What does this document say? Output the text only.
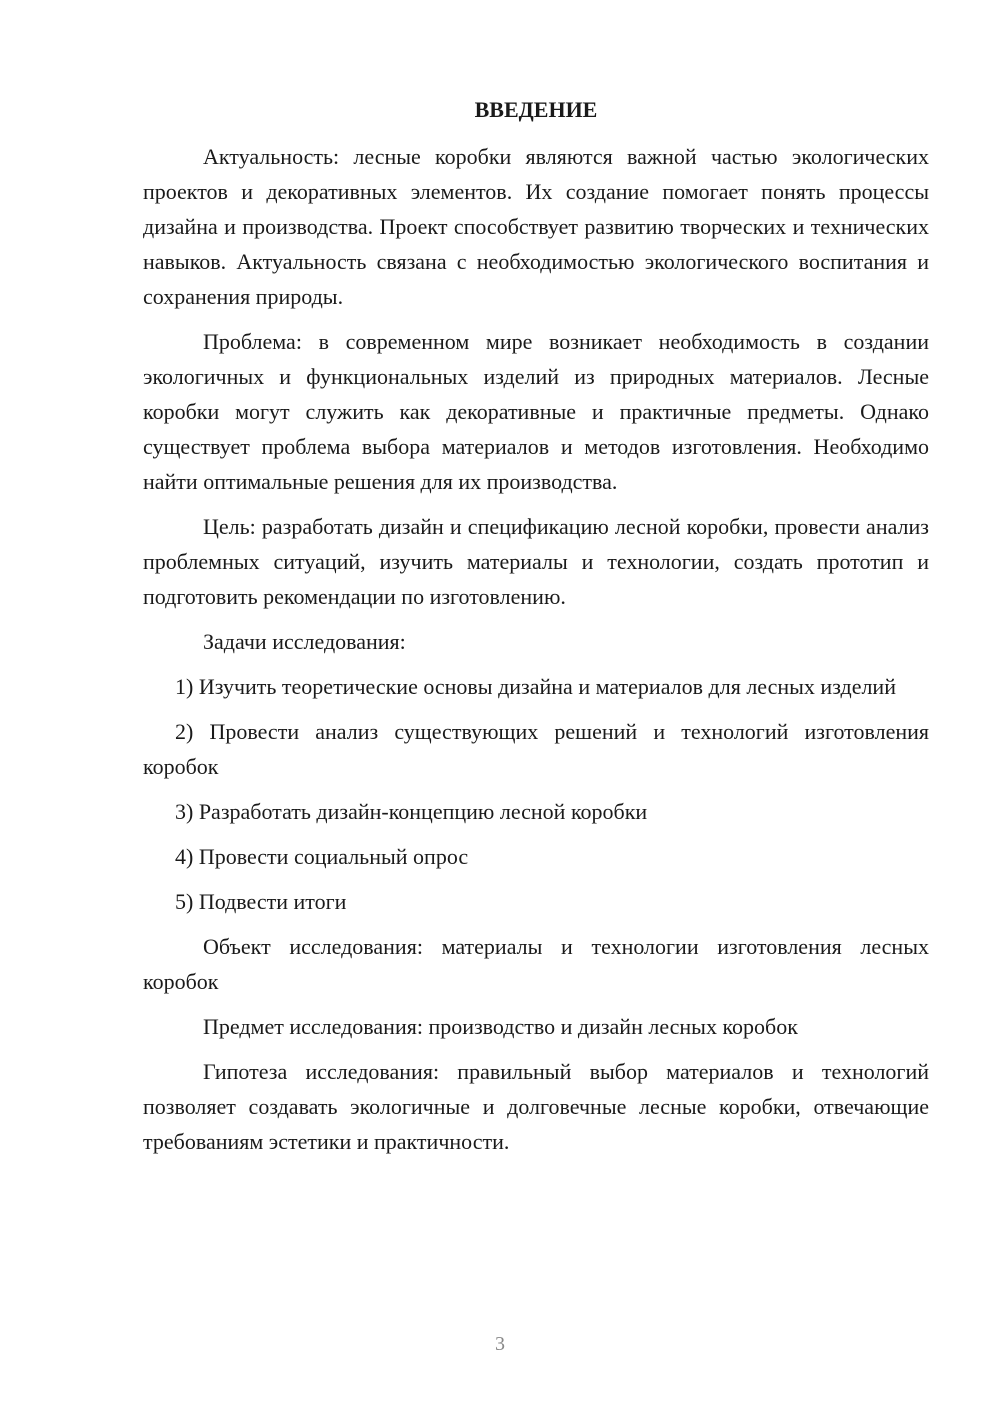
ВВЕДЕНИЕ

Актуальность: лесные коробки являются важной частью экологических проектов и декоративных элементов. Их создание помогает понять процессы дизайна и производства. Проект способствует развитию творческих и технических навыков. Актуальность связана с необходимостью экологического воспитания и сохранения природы.

Проблема: в современном мире возникает необходимость в создании экологичных и функциональных изделий из природных материалов. Лесные коробки могут служить как декоративные и практичные предметы. Однако существует проблема выбора материалов и методов изготовления. Необходимо найти оптимальные решения для их производства.

Цель: разработать дизайн и спецификацию лесной коробки, провести анализ проблемных ситуаций, изучить материалы и технологии, создать прототип и подготовить рекомендации по изготовлению.

Задачи исследования:

1) Изучить теоретические основы дизайна и материалов для лесных изделий

2) Провести анализ существующих решений и технологий изготовления коробок

3) Разработать дизайн-концепцию лесной коробки

4) Провести социальный опрос

5) Подвести итоги

Объект исследования: материалы и технологии изготовления лесных коробок

Предмет исследования: производство и дизайн лесных коробок

Гипотеза исследования: правильный выбор материалов и технологий позволяет создавать экологичные и долговечные лесные коробки, отвечающие требованиям эстетики и практичности.

3
